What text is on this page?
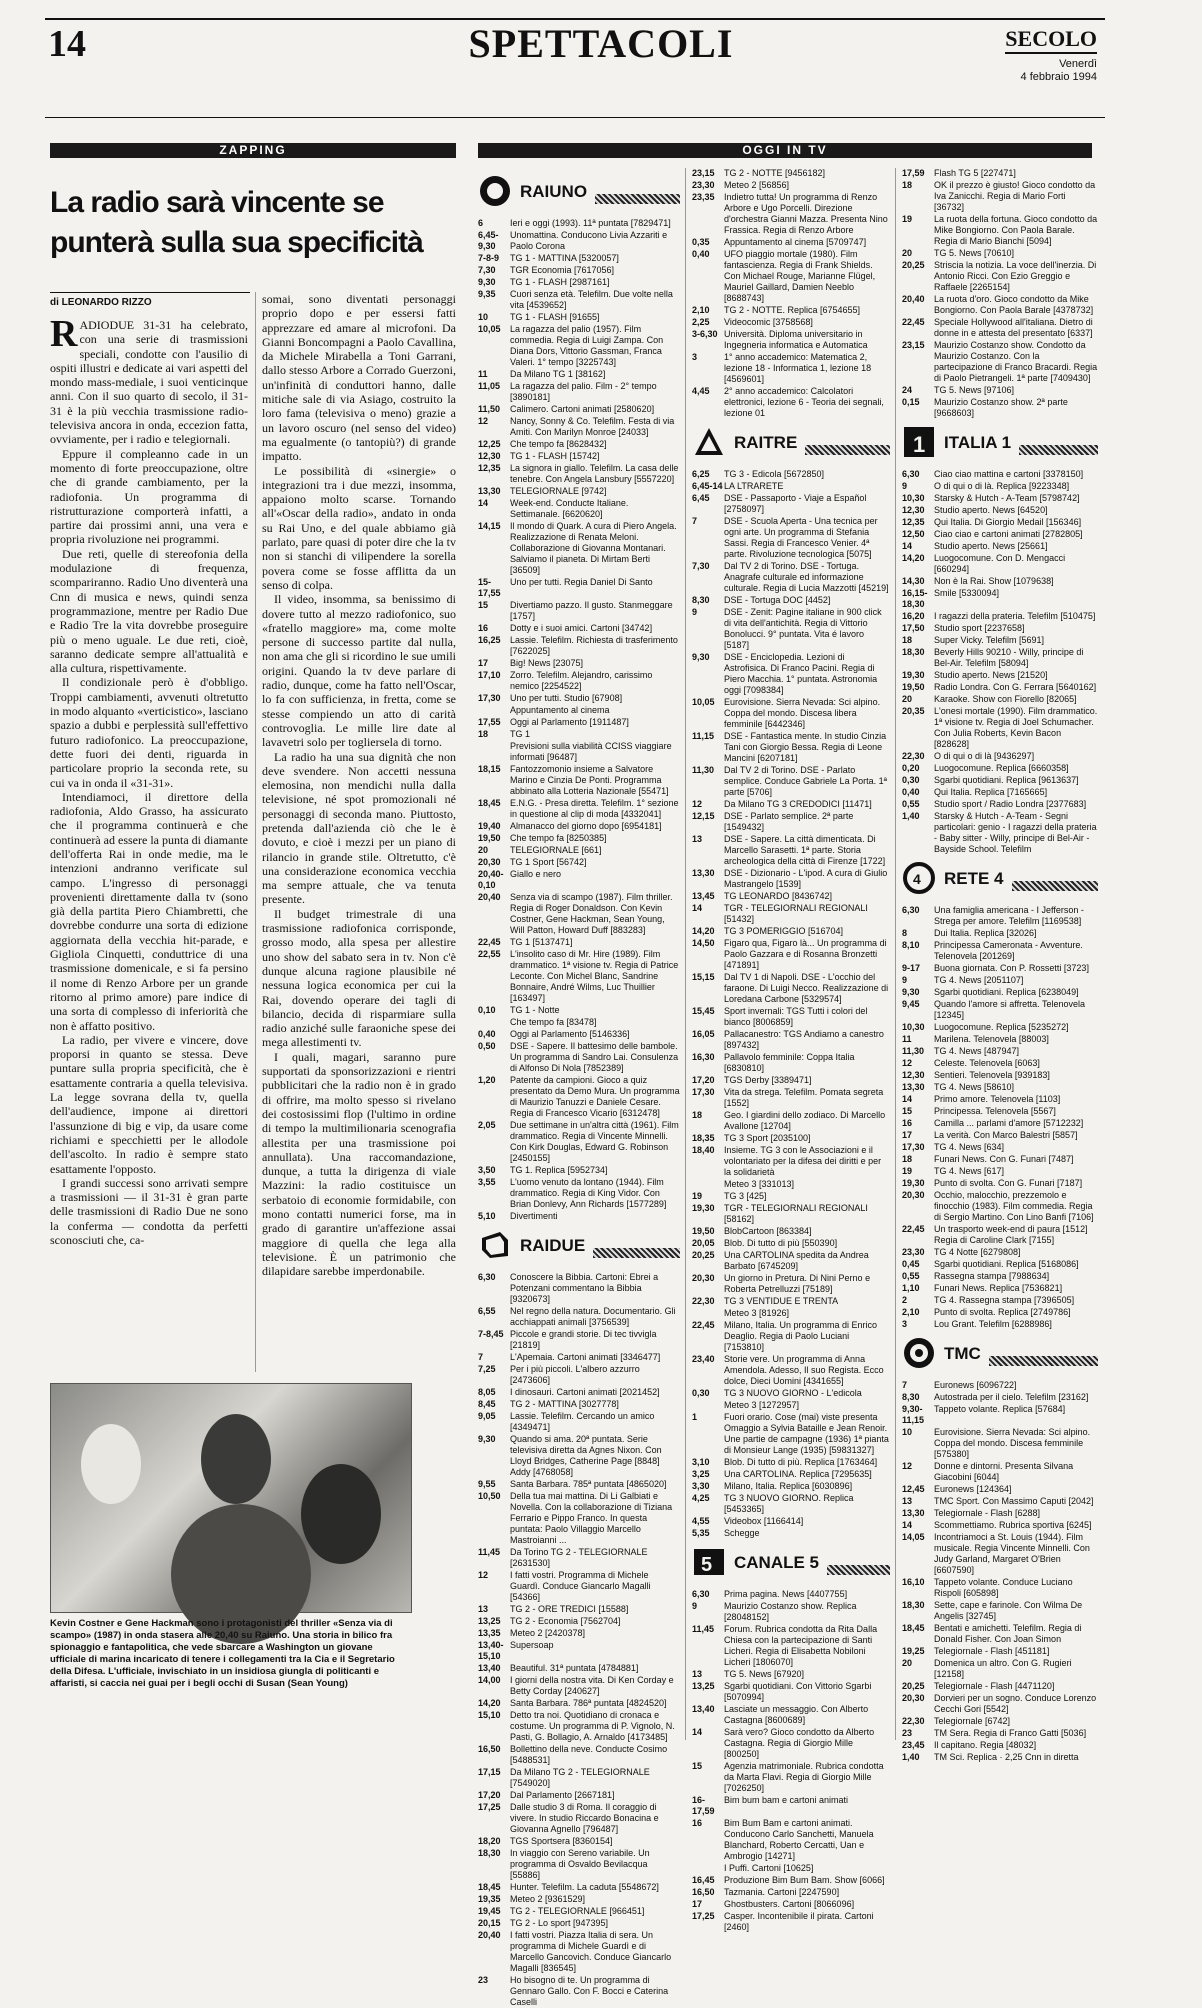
14	SPETTACOLI	SECOLO
Venerdì
4 febbraio 1994
ZAPPING
La radio sarà vincente se punterà sulla sua specificità
di LEONARDO RIZZO

RADIODUE 31-31 ha celebrato, con una serie di trasmissioni speciali, condotte con l'ausilio di ospiti illustri e dedicate ai vari aspetti del mondo mass-mediale, i suoi venticinque anni. Con il suo quarto di secolo, il 31-31 è la più vecchia trasmissione radio-televisiva ancora in onda, eccezion fatta, ovviamente, per i radio e telegiornali.

Eppure il compleanno cade in un momento di forte preoccupazione, oltre che di grande cambiamento, per la radiofonia. Un programma di ristrutturazione comporterà infatti, a partire dai prossimi anni, una vera e propria rivoluzione nei programmi.

Due reti, quelle di stereofonia della modulazione di frequenza, scompariranno. Radio Uno diventerà una Cnn di musica e news, quindi senza programmazione, mentre per Radio Due e Radio Tre la vita dovrebbe proseguire più o meno uguale. Le due reti, cioè, saranno dedicate sempre all'attualità e alla cultura, rispettivamente.

Il condizionale però è d'obbligo. Troppi cambiamenti, avvenuti oltretutto in modo alquanto «verticistico», lasciano spazio a dubbi e perplessità sull'effettivo futuro radiofonico. La preoccupazione, dette fuori dei denti, riguarda in particolare proprio la seconda rete, su cui va in onda il «31-31».

Intendiamoci, il direttore della radiofonia, Aldo Grasso, ha assicurato che il programma continuerà e che continuerà ad essere la punta di diamante dell'offerta Rai in onde medie, ma le intenzioni andranno verificate sul campo. L'ingresso di personaggi provenienti direttamente dalla tv (sono già della partita Piero Chiambretti, che dovrebbe condurre una sorta di edizione aggiornata della vecchia hit-parade, e Gigliola Cinquetti, conduttrice di una trasmissione domenicale, e si fa persino il nome di Renzo Arbore per un grande ritorno al primo amore) pare indice di una sorta di complesso di inferiorità che non è affatto positivo.

La radio, per vivere e vincere, dove proporsi in quanto se stessa. Deve puntare sulla propria specificità, che è esattamente contraria a quella televisiva. La legge sovrana della tv, quella dell'audience, impone ai direttori l'assunzione di big e vip, da usare come richiami e specchietti per le allodole dell'ascolto. In radio è sempre stato esattamente l'opposto.

I grandi successi sono arrivati sempre a trasmissioni — il 31-31 è gran parte delle trasmissioni di Radio Due ne sono la conferma — condotta da perfetti sconosciuti che, ca-

somai, sono diventati personaggi proprio dopo e per essersi fatti apprezzare ed amare al microfoni. Da Gianni Boncompagni a Paolo Cavallina, da Michele Mirabella a Toni Garrani, dallo stesso Arbore a Corrado Guerzoni, un'infinità di conduttori hanno, dalle mitiche sale di via Asiago, costruito la loro fama (televisiva o meno) grazie a un lavoro oscuro (nel senso del video) ma egualmente (o tantopiù?) di grande impatto.

Le possibilità di «sinergie» o integrazioni tra i due mezzi, insomma, appaiono molto scarse. Tornando all'«Oscar della radio», andato in onda su Rai Uno, e del quale abbiamo già parlato, pare quasi di poter dire che la tv non si stanchi di vilipendere la sorella povera come se fosse afflitta da un senso di colpa.

Il video, insomma, sa benissimo di dovere tutto al mezzo radiofonico, suo «fratello maggiore» ma, come molte persone di successo partite dal nulla, non ama che gli si ricordino le sue umili origini. Quando la tv deve parlare di radio, dunque, come ha fatto nell'Oscar, lo fa con sufficienza, in fretta, come se stesse compiendo un atto di carità controvoglia. Le mille lire date al lavavetri solo per togliersela di torno.

La radio ha una sua dignità che non deve svendere. Non accetti nessuna elemosina, non mendichi nulla dalla televisione, né spot promozionali né personaggi di seconda mano. Piuttosto, pretenda dall'azienda ciò che le è dovuto, e cioè i mezzi per un piano di rilancio in grande stile. Oltretutto, c'è una considerazione economica vecchia ma sempre attuale, che va tenuta presente.

Il budget trimestrale di una trasmissione radiofonica corrisponde, grosso modo, alla spesa per allestire uno show del sabato sera in tv. Non c'è dunque alcuna ragione plausibile né nessuna logica economica per cui la Rai, dovendo operare dei tagli di bilancio, decida di risparmiare sulla radio anziché sulle faraoniche spese dei mega allestimenti tv.

I quali, magari, saranno pure supportati da sponsorizzazioni e rientri pubblicitari che la radio non è in grado di offrire, ma molto spesso si rivelano dei costosissimi flop (l'ultimo in ordine di tempo la multimilionaria scenografia allestita per una trasmissione poi annullata). Una raccomandazione, dunque, a tutta la dirigenza di viale Mazzini: la radio costituisce un serbatoio di economie formidabile, con mono contatti numerici forse, ma in grado di garantire un'affezione assai maggiore di quella che lega alla televisione. È un patrimonio che dilapidare sarebbe imperdonabile.

Kevin Costner e Gene Hackman sono i protagonisti del thriller «Senza via di scampo» (1987) in onda stasera alle 20,40 su Raiuno. Una storia in bilico fra spionaggio e fantapolitica, che vede sbarcare a Washington un giovane ufficiale di marina incaricato di tenere i collegamenti tra la Cia e il Segretario della Difesa. L'ufficiale, invischiato in un insidiosa giungla di politicanti e affaristi, si caccia nei guai per i begli occhi di Susan (Sean Young)
OGGI IN TV
RAIUNO
6	Ieri e oggi (1993). 11ª puntata [7829471]
6,45-9,30
Unomattina. Conducono Livia Azzariti e Paolo Corona
7-8-9	TG 1 - MATTINA [5320057]
7,30	TGR Economia [7617056]
9,30	TG 1 - FLASH [2987161]
9,35	Cuori senza età. Telefilm. Due volte nella vita [4539652]
10	TG 1 - FLASH [91655]
10,05	La ragazza del palio (1957). Film commedia. Regia di Luigi Zampa. Con Diana Dors, Vittorio Gassman, Franca Valeri. 1° tempo [3225743]
11	Da Milano TG 1 [38162]
11,05	La ragazza del palio. Film - 2° tempo [3890181]
11,50	Calimero. Cartoni animati [2580620]
12	Nancy, Sonny & Co. Telefilm. Festa di via Amiti. Con Marilyn Monroe [24033]
12,25	Che tempo fa [8628432]
12,30	TG 1 - FLASH [15742]
12,35	La signora in giallo. Telefilm. La casa delle tenebre. Con Angela Lansbury [5557220]
13,30	TELEGIORNALE [9742]
14	Week-end. Conducte Italiane. Settimanale. [6620620]
14,15	Il mondo di Quark. A cura di Piero Angela. Realizzazione di Renata Meloni. Collaborazione di Giovanna Montanari. Salviamo il pianeta. Di Mirtam Berti [36509]
15-17,55
Uno per tutti. Regia Daniel Di Santo
15	Divertiamo pazzo. Il gusto. Stanmeggare [1757]
16	Dotty e i suoi amici. Cartoni [34742]
16,25	Lassie. Telefilm. Richiesta di trasferimento [7622025]
17	Big! News [23075]
17,10	Zorro. Telefilm. Alejandro, carissimo nemico [2254522]
17,30	Uno per tutti. Studio [67908]
Appuntamento al cinema
17,55	Oggi al Parlamento [1911487]
18	TG 1
Previsioni sulla viabilità CCISS viaggiare informati [96487]
18,15	Fantozzomonio insieme a Salvatore Marino e Cinzia De Ponti. Programma abbinato alla Lotteria Nazionale [55471]
18,45	E.N.G. - Presa diretta. Telefilm. 1° sezione in questione al clip di moda [4332041]
19,40	Almanacco del giorno dopo [6954181]
19,50	Che tempo fa [8250385]
20	TELEGIORNALE [661]
20,30	TG 1 Sport [56742]
20,40-0,10
Giallo e nero
20,40	Senza via di scampo (1987). Film thriller. Regia di Roger Donaldson. Con Kevin Costner, Gene Hackman, Sean Young, Will Patton, Howard Duff [883283]
22,45	TG 1 [5137471]
22,55	L'insolito caso di Mr. Hire (1989). Film drammatico. 1ª visione tv. Regia di Patrice Leconte. Con Michel Blanc, Sandrine Bonnaire, André Wilms, Luc Thuillier [163497]
0,10	TG 1 - Notte
Che tempo fa [83478]
0,40	Oggi al Parlamento [5146336]
0,50	DSE - Sapere. Il battesimo delle bambole. Un programma di Sandro Lai. Consulenza di Alfonso Di Nola [7852389]
1,20	Patente da campioni. Gioco a quiz presentato da Demo Mura. Un programma di Maurizio Tanuzzi e Daniele Cesare. Regia di Francesco Vicario [6312478]
2,05	Due settimane in un'altra città (1961). Film drammatico. Regia di Vincente Minnelli. Con Kirk Douglas, Edward G. Robinson [2450155]
3,50	TG 1. Replica [5952734]
3,55	L'uomo venuto da lontano (1944). Film drammatico. Regia di King Vidor. Con Brian Donlevy, Ann Richards [1577289]
5,10	Divertimenti
RAIDUE
6,30	Conoscere la Bibbia. Cartoni: Ebrei a Potenzani commentano la Bibbia [9320673]
6,55	Nel regno della natura. Documentario. Gli acchiappati animali [3756539]
7-8,45 Piccole e grandi storie. Di tec tivvigla [21819]
7	L'Apemaia. Cartoni animati [3346477]
7,25	Per i più piccoli. L'albero azzurro [2473606]
8,05	I dinosauri. Cartoni animati [2021452]
8,45	TG 2 - MATTINA [3027778]
9,05	Lassie. Telefilm. Cercando un amico [4349471]
9,30	Quando si ama. 20ª puntata. Serie televisiva diretta da Agnes Nixon. Con Lloyd Bridges, Catherine Page [8848] Addy [4768058]
9,55	Santa Barbara. 785ª puntata [4865020]
10,50	Della tua mai mattina. Di Li Galbiati e Novella. Con la collaborazione di Tiziana Ferrario e Pippo Franco. In questa puntata: Paolo Villaggio Marcello Mastroianni ...
11,45	Da Torino TG 2 - TELEGIORNALE [2631530]
12	I fatti vostri. Programma di Michele Guardì. Conduce Giancarlo Magalli [54366]
13	TG 2 - ORE TREDICI [15588]
13,25	TG 2 - Economia [7562704]
13,35	Meteo 2 [2420378]
13,40-15,10
Supersoap
13,40	Beautiful. 31ª puntata [4784881]
14,00	I giorni della nostra vita. Di Ken Corday e Betty Corday [240627]
14,20	Santa Barbara. 786ª puntata [4824520]
15,10	Detto tra noi. Quotidiano di cronaca e costume. Un programma di P. Vignolo, N. Pasti, G. Bollagio, A. Arnaldo [4173485]
16,50	Bollettino della neve. Conducte Cosimo [5488531]
17,15	Da Milano TG 2 - TELEGIORNALE [7549020]
17,20	Dal Parlamento [2667181]
17,25	Dalle studio 3 di Roma. Il coraggio di vivere. In studio Riccardo Bonacina e Giovanna Agnello [796487]
18,20	TGS Sportsera [8360154]
18,30	In viaggio con Sereno variabile. Un programma di Osvaldo Bevilacqua [55886]
18,45	Hunter. Telefilm. La caduta [5548672]
19,35	Meteo 2 [9361529]
19,45	TG 2 - TELEGIORNALE [966451]
20,15	TG 2 - Lo sport [947395]
20,40	I fatti vostri. Piazza Italia di sera. Un programma di Michele Guardì e di Marcello Gancovich. Conduce Giancarlo Magalli [836545]
23	Ho bisogno di te. Un programma di Gennaro Gallo. Con F. Bocci e Caterina Caselli
23,15	TG 2 - NOTTE [9456182]
23,30	Meteo 2 [56856]
23,35	Indietro tutta! Un programma di Renzo Arbore e Ugo Porcelli. Direzione d'orchestra Gianni Mazza. Presenta Nino Frassica. Regia di Renzo Arbore
0,35	Appuntamento al cinema [5709747]
0,40	UFO piaggio mortale (1980). Film fantascienza. Regia di Frank Shields. Con Michael Rouge, Marianne Flügel, Mauriel Gaillard, Damien Neeblo [8688743]
2,10	TG 2 - NOTTE. Replica [6754655]
2,25	Videocomic [3758568]
3-6,30 Università. Diploma universitario in Ingegneria informatica e Automatica
3	1° anno accademico: Matematica 2, lezione 18 - Informatica 1, lezione 18 [4569601]
4,45	2° anno accademico: Calcolatori elettronici, lezione 6 - Teoria dei segnali, lezione 01
RAITRE
6,25	TG 3 - Edicola [5672850]
6,45-14 LA LTRARETE
6,45	DSE - Passaporto - Viaje a Español [2758097]
7	DSE - Scuola Aperta - Una tecnica per ogni arte. Un programma di Stefania Sassi. Regia di Francesco Venier. 4ª parte. Rivoluzione tecnologica [5075]
7,30	Dal TV 2 di Torino. DSE - Tortuga. Anagrafe culturale ed informazione culturale. Regia di Lucia Mazzotti [45219]
8,30	DSE - Tortuga DOC [4452]
9	DSE - Zenit: Pagine italiane in 900 click di vita dell'antichità. Regia di Vittorio Bonolucci. 9° puntata. Vita é lavoro [5187]
9,30	DSE - Enciclopedia. Lezioni di Astrofisica. Di Franco Pacini. Regia di Piero Macchia. 1° puntata. Astronomia oggi [7098384]
10,05	Eurovisione. Sierra Nevada: Sci alpino. Coppa del mondo. Discesa libera femminile [6442346]
11,15	DSE - Fantastica mente. In studio Cinzia Tani con Giorgio Bessa. Regia di Leone Mancini [6207181]
11,30	Dal TV 2 di Torino. DSE - Parlato semplice. Conduce Gabriele La Porta. 1ª parte [5706]
12	Da Milano TG 3 CREDODICI [11471]
12,15	DSE - Parlato semplice. 2ª parte [1549432]
13	DSE - Sapere. La città dimenticata. Di Marcello Sarasetti. 1ª parte. Storia archeologica della città di Firenze [1722]
13,30	DSE - Dizionario - L'ipod. A cura di Giulio Mastrangelo [1539]
13,45	TG LEONARDO [8436742]
14	TGR - TELEGIORNALI REGIONALI [51432]
14,20	TG 3 POMERIGGIO [516704]
14,50	Figaro qua, Figaro là... Un programma di Paolo Gazzara e di Rosanna Bronzetti [471891]
15,15	Dal TV 1 di Napoli. DSE - L'occhio del faraone. Di Luigi Necco. Realizzazione di Loredana Carbone [5329574]
15,45	Sport invernali: TGS Tutti i colori del bianco [8006859]
16,05	Pallacanestro: TGS Andiamo a canestro [897432]
16,30	Pallavolo femminile: Coppa Italia [6830810]
17,20	TGS Derby [3389471]
17,30	Vita da strega. Telefilm. Pomata segreta [1552]
18	Geo. I giardini dello zodiaco. Di Marcello Avallone [12704]
18,35	TG 3 Sport [2035100]
18,40	Insieme. TG 3 con le Associazioni e il volontariato per la difesa dei diritti e per la solidarietà
Meteo 3 [331013]
19	TG 3 [425]
19,30	TGR - TELEGIORNALI REGIONALI [58162]
19,50	BlobCartoon [863384]
20,05	Blob. Di tutto di più [550390]
20,25	Una CARTOLINA spedita da Andrea Barbato [6745209]
20,30	Un giorno in Pretura. Di Nini Perno e Roberta Petrelluzzi [75189]
22,30	TG 3 VENTIDUE E TRENTA
Meteo 3 [81926]
22,45	Milano, Italia. Un programma di Enrico Deaglio. Regia di Paolo Luciani [7153810]
23,40	Storie vere. Un programma di Anna Amendola. Adesso, Il suo Regista. Ecco dolce, Dieci Uomini [4341655]
0,30	TG 3 NUOVO GIORNO - L'edicola
Meteo 3 [1272957]
1	Fuori orario. Cose (mai) viste presenta Omaggio a Sylvia Bataille e Jean Renoir. Une partie de campagne (1936) 1ª pianta di Monsieur Lange (1935) [59831327]
3,10	Blob. Di tutto di più. Replica [1763464]
3,25	Una CARTOLINA. Replica [7295635]
3,30	Milano, Italia. Replica [6030896]
4,25	TG 3 NUOVO GIORNO. Replica [5453365]
4,55	Videobox [1166414]
5,35	Schegge
5 CANALE 5
6,30	Prima pagina. News [4407755]
9	Maurizio Costanzo show. Replica [28048152]
11,45	Forum. Rubrica condotta da Rita Dalla Chiesa con la partecipazione di Santi Licheri. Regia di Elisabetta Nobiloni Licheri [1806070]
13	TG 5. News [67920]
13,25	Sgarbi quotidiani. Con Vittorio Sgarbi [5070994]
13,40	Lasciate un messaggio. Con Alberto Castagna [8600689]
14	Sarà vero? Gioco condotto da Alberto Castagna. Regia di Giorgio Mille [800250]
15	Agenzia matrimoniale. Rubrica condotta da Marta Flavi. Regia di Giorgio Mille [7026250]
16-17,59
Bim bum bam e cartoni animati
16	Bim Bum Bam e cartoni animati. Conducono Carlo Sanchetti, Manuela Blanchard, Roberto Cercatti, Uan e Ambrogio [14271]
I Puffi. Cartoni [10625]
16,45	Produzione Bim Bum Bam. Show [6066]
16,50	Tazmania. Cartoni [2247590]
17	Ghostbusters. Cartoni [8066096]
17,25	Casper. Incontenibile il pirata. Cartoni [2460]
17,59	Flash TG 5 [227471]
18	OK il prezzo è giusto! Gioco condotto da Iva Zanicchi. Regia di Mario Forti [36732]
19	La ruota della fortuna. Gioco condotto da Mike Bongiorno. Con Paola Barale. Regia di Mario Bianchi [5094]
20	TG 5. News [70610]
20,25	Striscia la notizia. La voce dell'inerzia. Di Antonio Ricci. Con Ezio Greggio e Raffaele [2265154]
20,40	La ruota d'oro. Gioco condotto da Mike Bongiorno. Con Paola Barale [4378732]
22,45	Speciale Hollywood all'italiana. Dietro di donne in e attesta del presentato [6337]
23,15	Maurizio Costanzo show. Condotto da Maurizio Costanzo. Con la partecipazione di Franco Bracardi. Regia di Paolo Pietrangeli. 1ª parte [7409430]
24	TG 5. News [97106]
0,15	Maurizio Costanzo show. 2ª parte [9668603]
1 ITALIA 1
6,30	Ciao ciao mattina e cartoni [3378150]
9	O di qui o di là. Replica [9223348]
10,30	Starsky & Hutch - A-Team [5798742]
12,30	Studio aperto. News [64520]
12,35	Qui Italia. Di Giorgio Medail [156346]
12,50	Ciao ciao e cartoni animati [2782805]
14	Studio aperto. News [25661]
14,20	Luogocomune. Con D. Mengacci [660294]
14,30	Non è la Rai. Show [1079638]
16,15-18,30
Smile [5330094]
16,20	I ragazzi della prateria. Telefilm [510475]
17,50	Studio sport [2237658]
18	Super Vicky. Telefilm [5691]
18,30	Beverly Hills 90210 - Willy, principe di Bel-Air. Telefilm [58094]
19,30	Studio aperto. News [21520]
19,50	Radio Londra. Con G. Ferrara [5640162]
20	Karaoke. Show con Fiorello [82065]
20,35	L'onesi mortale (1990). Film drammatico. 1ª visione tv. Regia di Joel Schumacher. Con Julia Roberts, Kevin Bacon [828628]
22,30	O di qui o di là [9436297]
0,20	Luogocomune. Replica [6660358]
0,30	Sgarbi quotidiani. Replica [9613637]
0,40	Qui Italia. Replica [7165665]
0,55	Studio sport / Radio Londra [2377683]
1,40	Starsky & Hutch - A-Team - Segni particolari: genio - I ragazzi della prateria - Baby sitter - Willy, principe di Bel-Air - Bayside School. Telefilm
4 RETE 4
6,30	Una famiglia americana - I Jefferson - Strega per amore. Telefilm [1169538]
8	Dui Italia. Replica [32026]
8,10	Principessa Cameronata - Avventure. Telenovela [201269]
9-17	Buona giornata. Con P. Rossetti [3723]
9	TG 4. News [2051107]
9,30	Sgarbi quotidiani. Replica [6238049]
9,45	Quando l'amore si affretta. Telenovela [12345]
10,30	Luogocomune. Replica [5235272]
11	Marilena. Telenovela [88003]
11,30	TG 4. News [487947]
12	Celeste. Telenovela [6063]
12,30	Sentieri. Telenovela [939183]
13,30	TG 4. News [58610]
14	Primo amore. Telenovela [1103]
15	Principessa. Telenovela [5567]
16	Camilla ... parlami d'amore [5712232]
17	La verità. Con Marco Balestri [5857]
17,30	TG 4. News [634]
18	Funari News. Con G. Funari [7487]
19	TG 4. News [617]
19,30	Punto di svolta. Con G. Funari [7187]
20,30	Occhio, malocchio, prezzemolo e finocchio (1983). Film commedia. Regia di Sergio Martino. Con Lino Banfi [7106]
22,45	Un trasporto week-end di paura [1512] Regia di Caroline Clark [7155]
23,30	TG 4 Notte [6279808]
0,45	Sgarbi quotidiani. Replica [5168086]
0,55	Rassegna stampa [7988634]
1,10	Funari News. Replica [7536821]
2	TG 4. Rassegna stampa [7396505]
2,10	Punto di svolta. Replica [2749786]
3	Lou Grant. Telefilm [6288986]
TMC
7	Euronews [6096722]
8,30	Autostrada per il cielo. Telefilm [23162]
9,30-11,15
Tappeto volante. Replica [57684]
10	Eurovisione. Sierra Nevada: Sci alpino. Coppa del mondo. Discesa femminile [575380]
12	Donne e dintorni. Presenta Silvana Giacobini [6044]
12,45	Euronews [124364]
13	TMC Sport. Con Massimo Caputi [2042]
13,30	Telegiornale - Flash [6288]
14	Scommettiamo. Rubrica sportiva [6245]
14,05	Incontriamoci a St. Louis (1944). Film musicale. Regia Vincente Minnelli. Con Judy Garland, Margaret O'Brien [6607590]
16,10	Tappeto volante. Conduce Luciano Rispoli [605898]
18,30	Sette, cape e farinole. Con Wilma De Angelis [32745]
18,45	Bentati e amichetti. Telefilm. Regia di Donald Fisher. Con Joan Simon
19,25	Telegiornale - Flash [451181]
20	Domenica un altro. Con G. Rugieri [12158]
20,25	Telegiornale - Flash [4471120]
20,30	Dorvieri per un sogno. Conduce Lorenzo Cecchi Gori [5542]
22,30	Telegiornale [6742]
23	TM Sera. Regia di Franco Gatti [5036]
23,45	Il capitano. Regia [48032]
1,40	TM Sci. Replica · 2,25 Cnn in diretta
